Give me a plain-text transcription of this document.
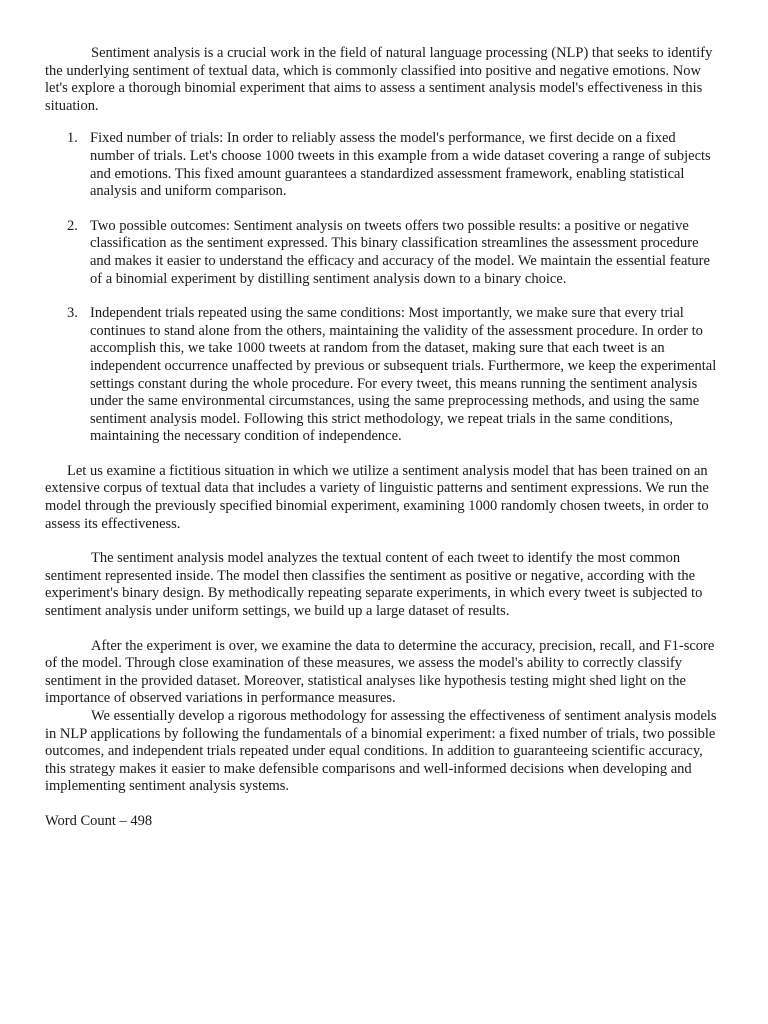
Sentiment analysis is a crucial work in the field of natural language processing (NLP) that seeks to identify the underlying sentiment of textual data, which is commonly classified into positive and negative emotions. Now let's explore a thorough binomial experiment that aims to assess a sentiment analysis model's effectiveness in this situation.

1. Fixed number of trials: In order to reliably assess the model's performance, we first decide on a fixed number of trials. Let's choose 1000 tweets in this example from a wide dataset covering a range of subjects and emotions. This fixed amount guarantees a standardized assessment framework, enabling statistical analysis and uniform comparison.
2. Two possible outcomes: Sentiment analysis on tweets offers two possible results: a positive or negative classification as the sentiment expressed. This binary classification streamlines the assessment procedure and makes it easier to understand the efficacy and accuracy of the model. We maintain the essential feature of a binomial experiment by distilling sentiment analysis down to a binary choice.
3. Independent trials repeated using the same conditions: Most importantly, we make sure that every trial continues to stand alone from the others, maintaining the validity of the assessment procedure. In order to accomplish this, we take 1000 tweets at random from the dataset, making sure that each tweet is an independent occurrence unaffected by previous or subsequent trials. Furthermore, we keep the experimental settings constant during the whole procedure. For every tweet, this means running the sentiment analysis under the same environmental circumstances, using the same preprocessing methods, and using the same sentiment analysis model. Following this strict methodology, we repeat trials in the same conditions, maintaining the necessary condition of independence.

Let us examine a fictitious situation in which we utilize a sentiment analysis model that has been trained on an extensive corpus of textual data that includes a variety of linguistic patterns and sentiment expressions. We run the model through the previously specified binomial experiment, examining 1000 randomly chosen tweets, in order to assess its effectiveness.

The sentiment analysis model analyzes the textual content of each tweet to identify the most common sentiment represented inside. The model then classifies the sentiment as positive or negative, according with the experiment's binary design. By methodically repeating separate experiments, in which every tweet is subjected to sentiment analysis under uniform settings, we build up a large dataset of results.

After the experiment is over, we examine the data to determine the accuracy, precision, recall, and F1-score of the model. Through close examination of these measures, we assess the model's ability to correctly classify sentiment in the provided dataset. Moreover, statistical analyses like hypothesis testing might shed light on the importance of observed variations in performance measures.

We essentially develop a rigorous methodology for assessing the effectiveness of sentiment analysis models in NLP applications by following the fundamentals of a binomial experiment: a fixed number of trials, two possible outcomes, and independent trials repeated under equal conditions. In addition to guaranteeing scientific accuracy, this strategy makes it easier to make defensible comparisons and well-informed decisions when developing and implementing sentiment analysis systems.

Word Count – 498
